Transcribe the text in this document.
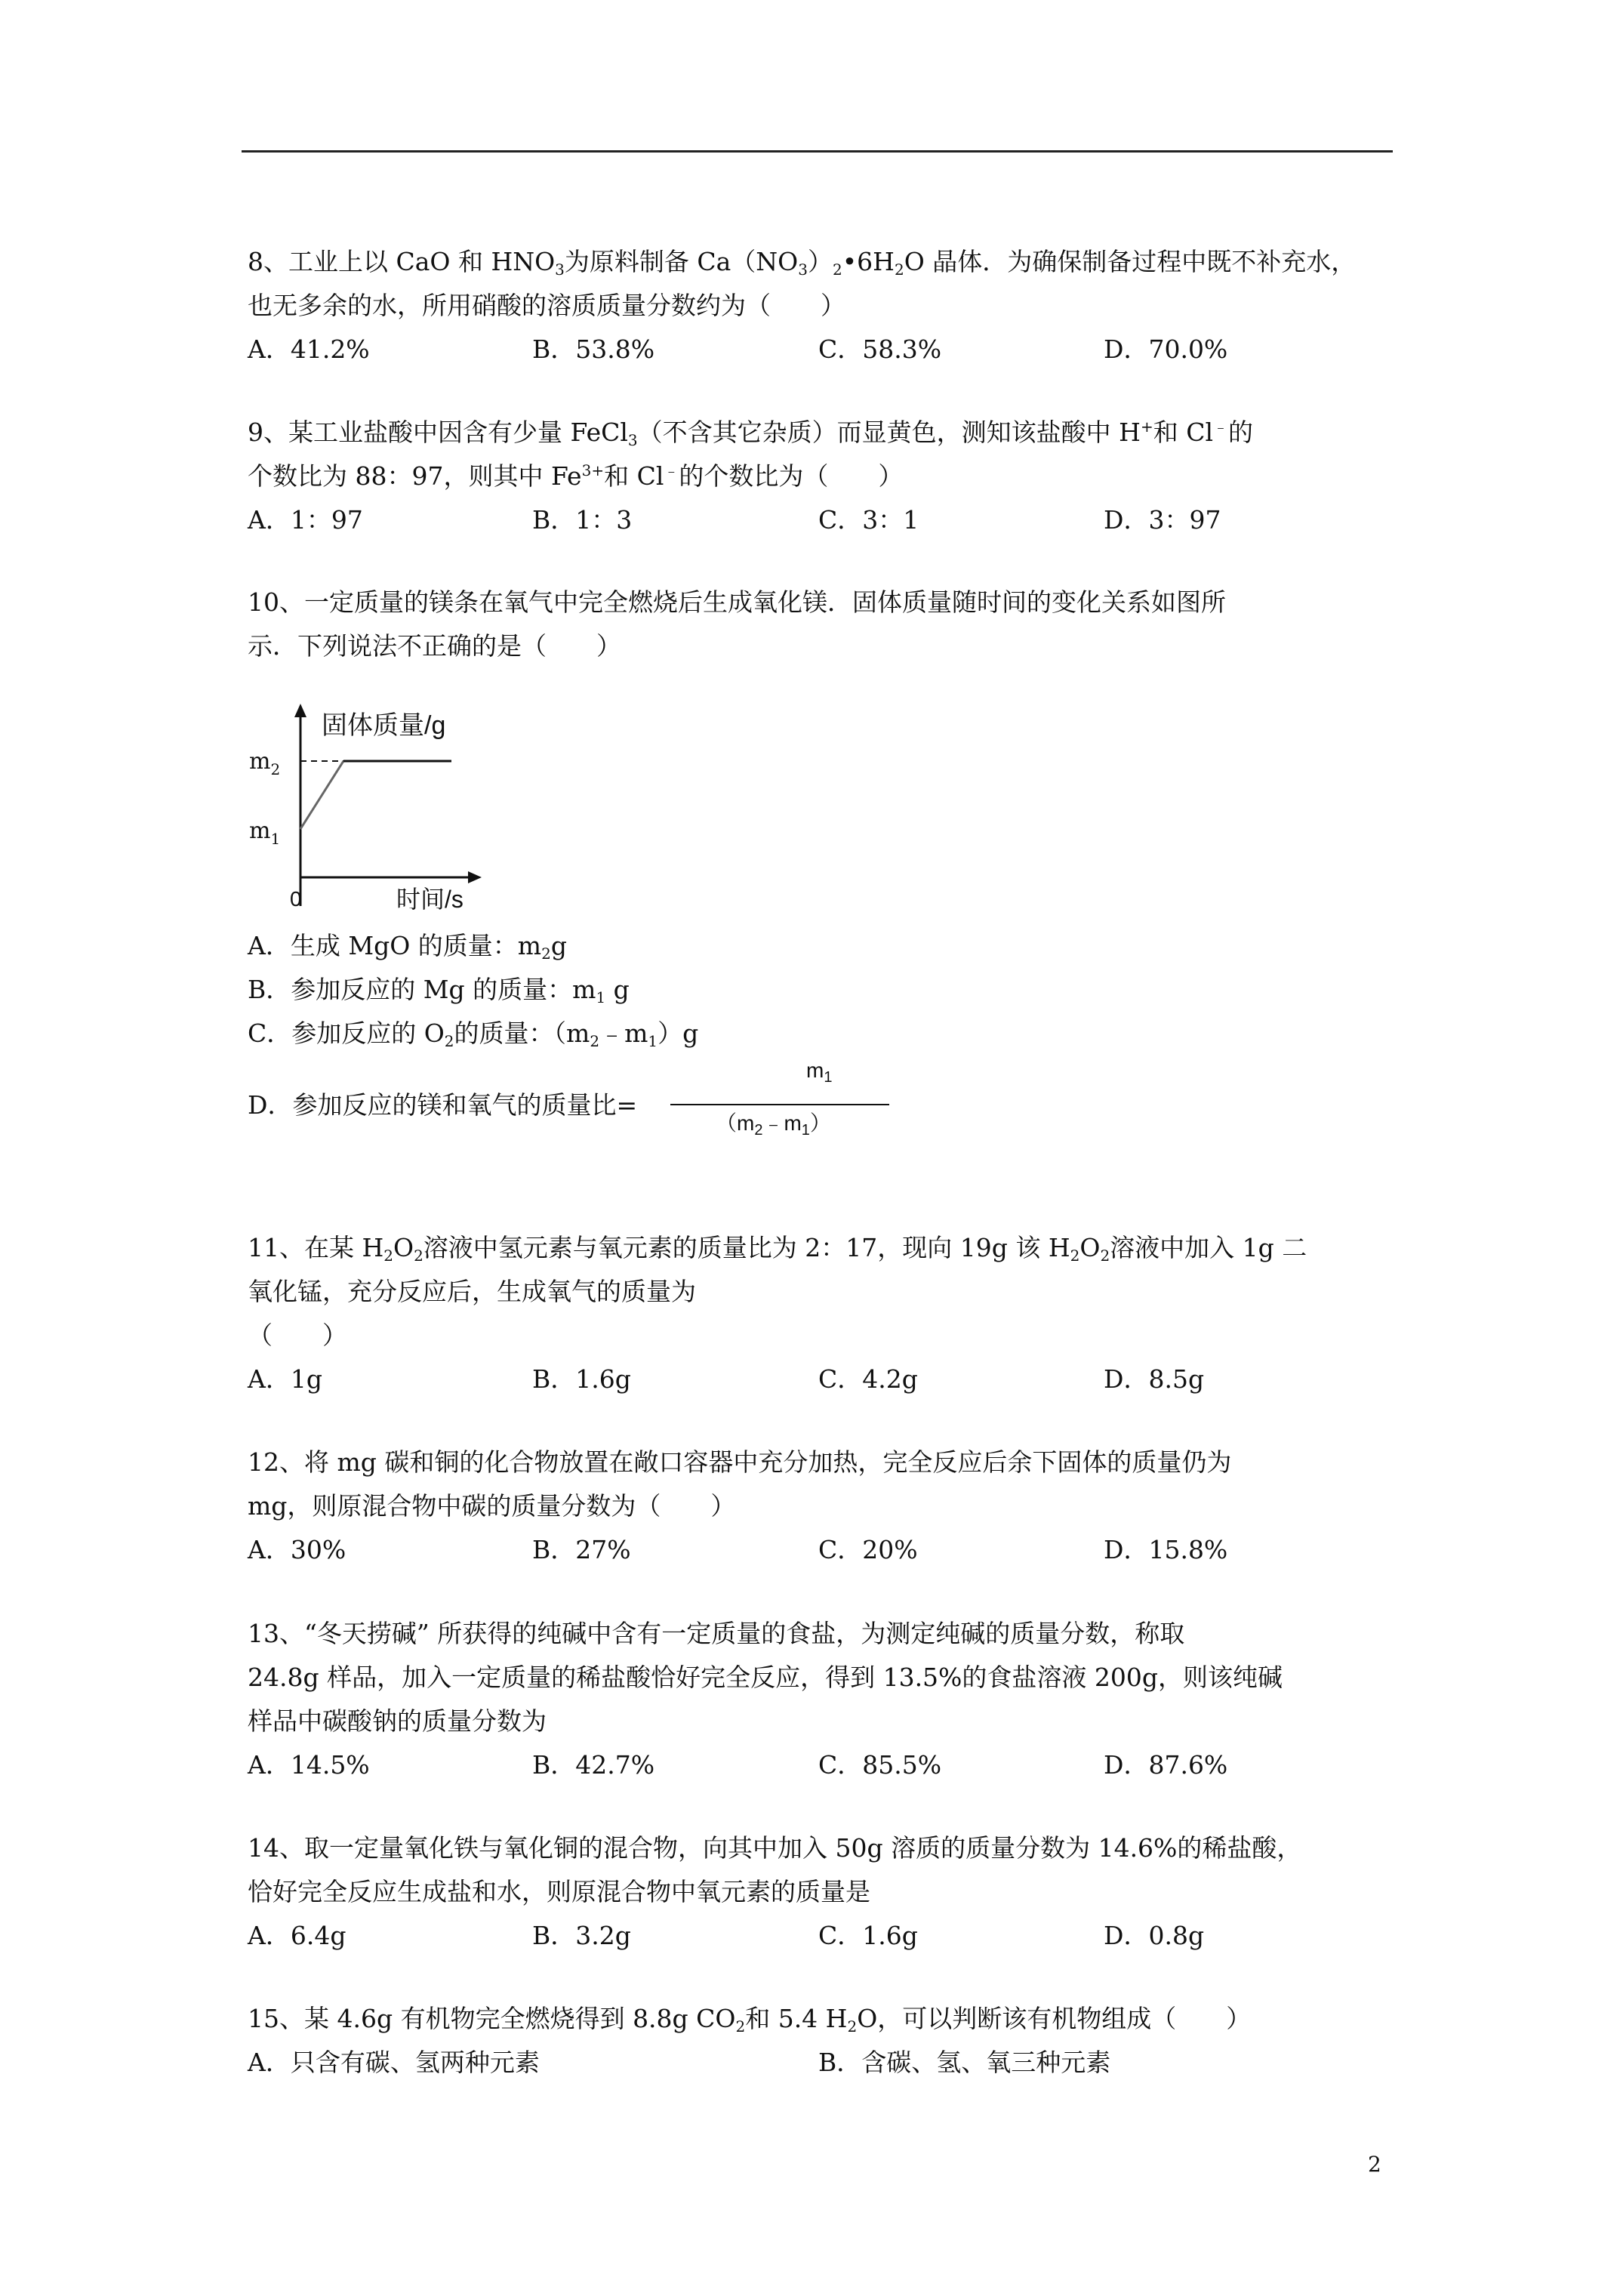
8、工业上以 CaO 和 $HNO_3$为原料制备 $Ca(NO_3)_2•6H_2O$ 晶体．为确保制备过程中既不补充水，

也无多余的水，所用硝酸的溶质质量分数约为（　　）

A．41.2%	B．53.8%	C．58.3%	D．70.0%

9、某工业盐酸中因含有少量 FeCl$_3$（不含其它杂质）而显黄色，测知该盐酸中 H+和 Cl﹣的

个数比为 88：97，则其中 $Fe^{3+}$和 Cl﹣的个数比为（　　）

A．1：97	B．1：3	C．3：1	D．3：97

10、一定质量的镁条在氧气中完全燃烧后生成氧化镁．固体质量随时间的变化关系如图所

示．下列说法不正确的是（　　）

固体质量/g
时间/s
0
$m_2$
$m_1$

A．生成 MgO 的质量：$m_2g$

B．参加反应的 Mg 的质量：$m_1$ g

C．参加反应的 $O_2$的质量：$(m_2﹣m_1)g$

D．参加反应的镁和氧气的质量比=
$m_1$
$(m_2﹣m_1)$

11、在某 $H_2O_2$溶液中氢元素与氧元素的质量比为 2：17，现向 19g 该 $H_2O_2$溶液中加入 1g 二

氧化锰，充分反应后，生成氧气的质量为

（　　）

A．1g	B．1.6g	C．4.2g	D．8.5g

12、将 mg 碳和铜的化合物放置在敞口容器中充分加热，完全反应后余下固体的质量仍为

mg，则原混合物中碳的质量分数为（　　）

A．30%	B．27%	C．20%	D．15.8%

13、“冬天捞碱” 所获得的纯碱中含有一定质量的食盐，为测定纯碱的质量分数，称取

24.8g 样品，加入一定质量的稀盐酸恰好完全反应，得到 13.5%的食盐溶液 200g，则该纯碱

样品中碳酸钠的质量分数为

A．14.5%	B．42.7%	C．85.5%	D．87.6%

14、取一定量氧化铁与氧化铜的混合物，向其中加入 50g 溶质的质量分数为 14.6%的稀盐酸，

恰好完全反应生成盐和水，则原混合物中氧元素的质量是

A．6.4g	B．3.2g	C．1.6g	D．0.8g

15、某 4.6g 有机物完全燃烧得到 8.8g $CO_2$和 5.4 $H_2O$，可以判断该有机物组成（　　）

A．只含有碳、氢两种元素	B．含碳、氢、氧三种元素
2
